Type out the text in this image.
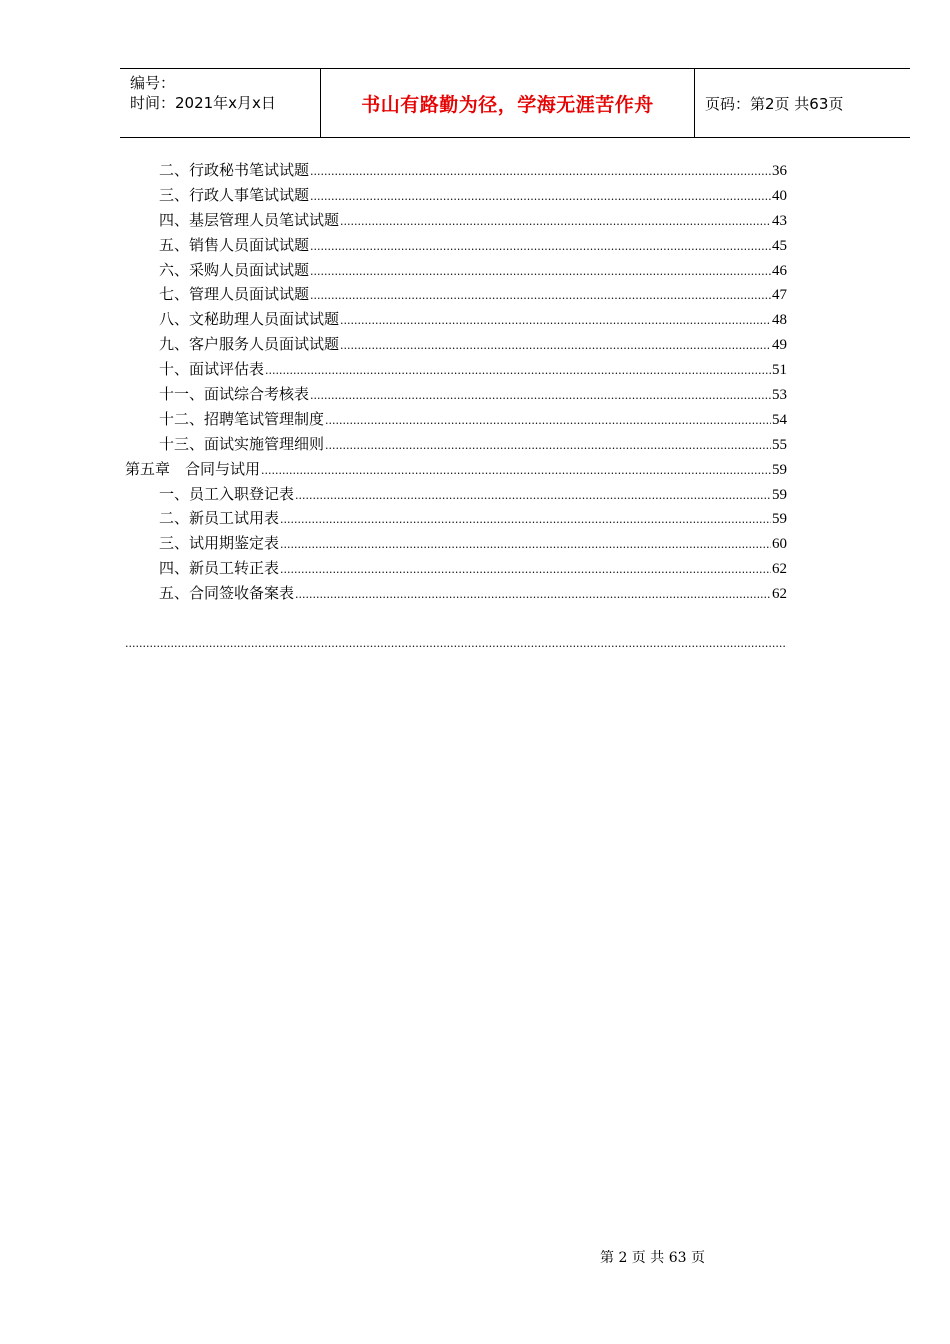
编号：
时间：2021年x月x日	书山有路勤为径，学海无涯苦作舟	页码：第2页 共63页
二、行政秘书笔试试题 .....	36
三、行政人事笔试试题 .....	40
四、基层管理人员笔试试题 .....	43
五、销售人员面试试题 .....	45
六、采购人员面试试题 .....	46
七、管理人员面试试题 .....	47
八、文秘助理人员面试试题 .....	48
九、客户服务人员面试试题 .....	49
十、面试评估表 .....	51
十一、面试综合考核表 .....	53
十二、招聘笔试管理制度 .....	54
十三、面试实施管理细则 .....	55
第五章　合同与试用 .....	59
一、员工入职登记表 .....	59
二、新员工试用表 .....	59
三、试用期鉴定表 .....	60
四、新员工转正表 .....	62
五、合同签收备案表 .....	62
.....
第 2 页 共 63 页
